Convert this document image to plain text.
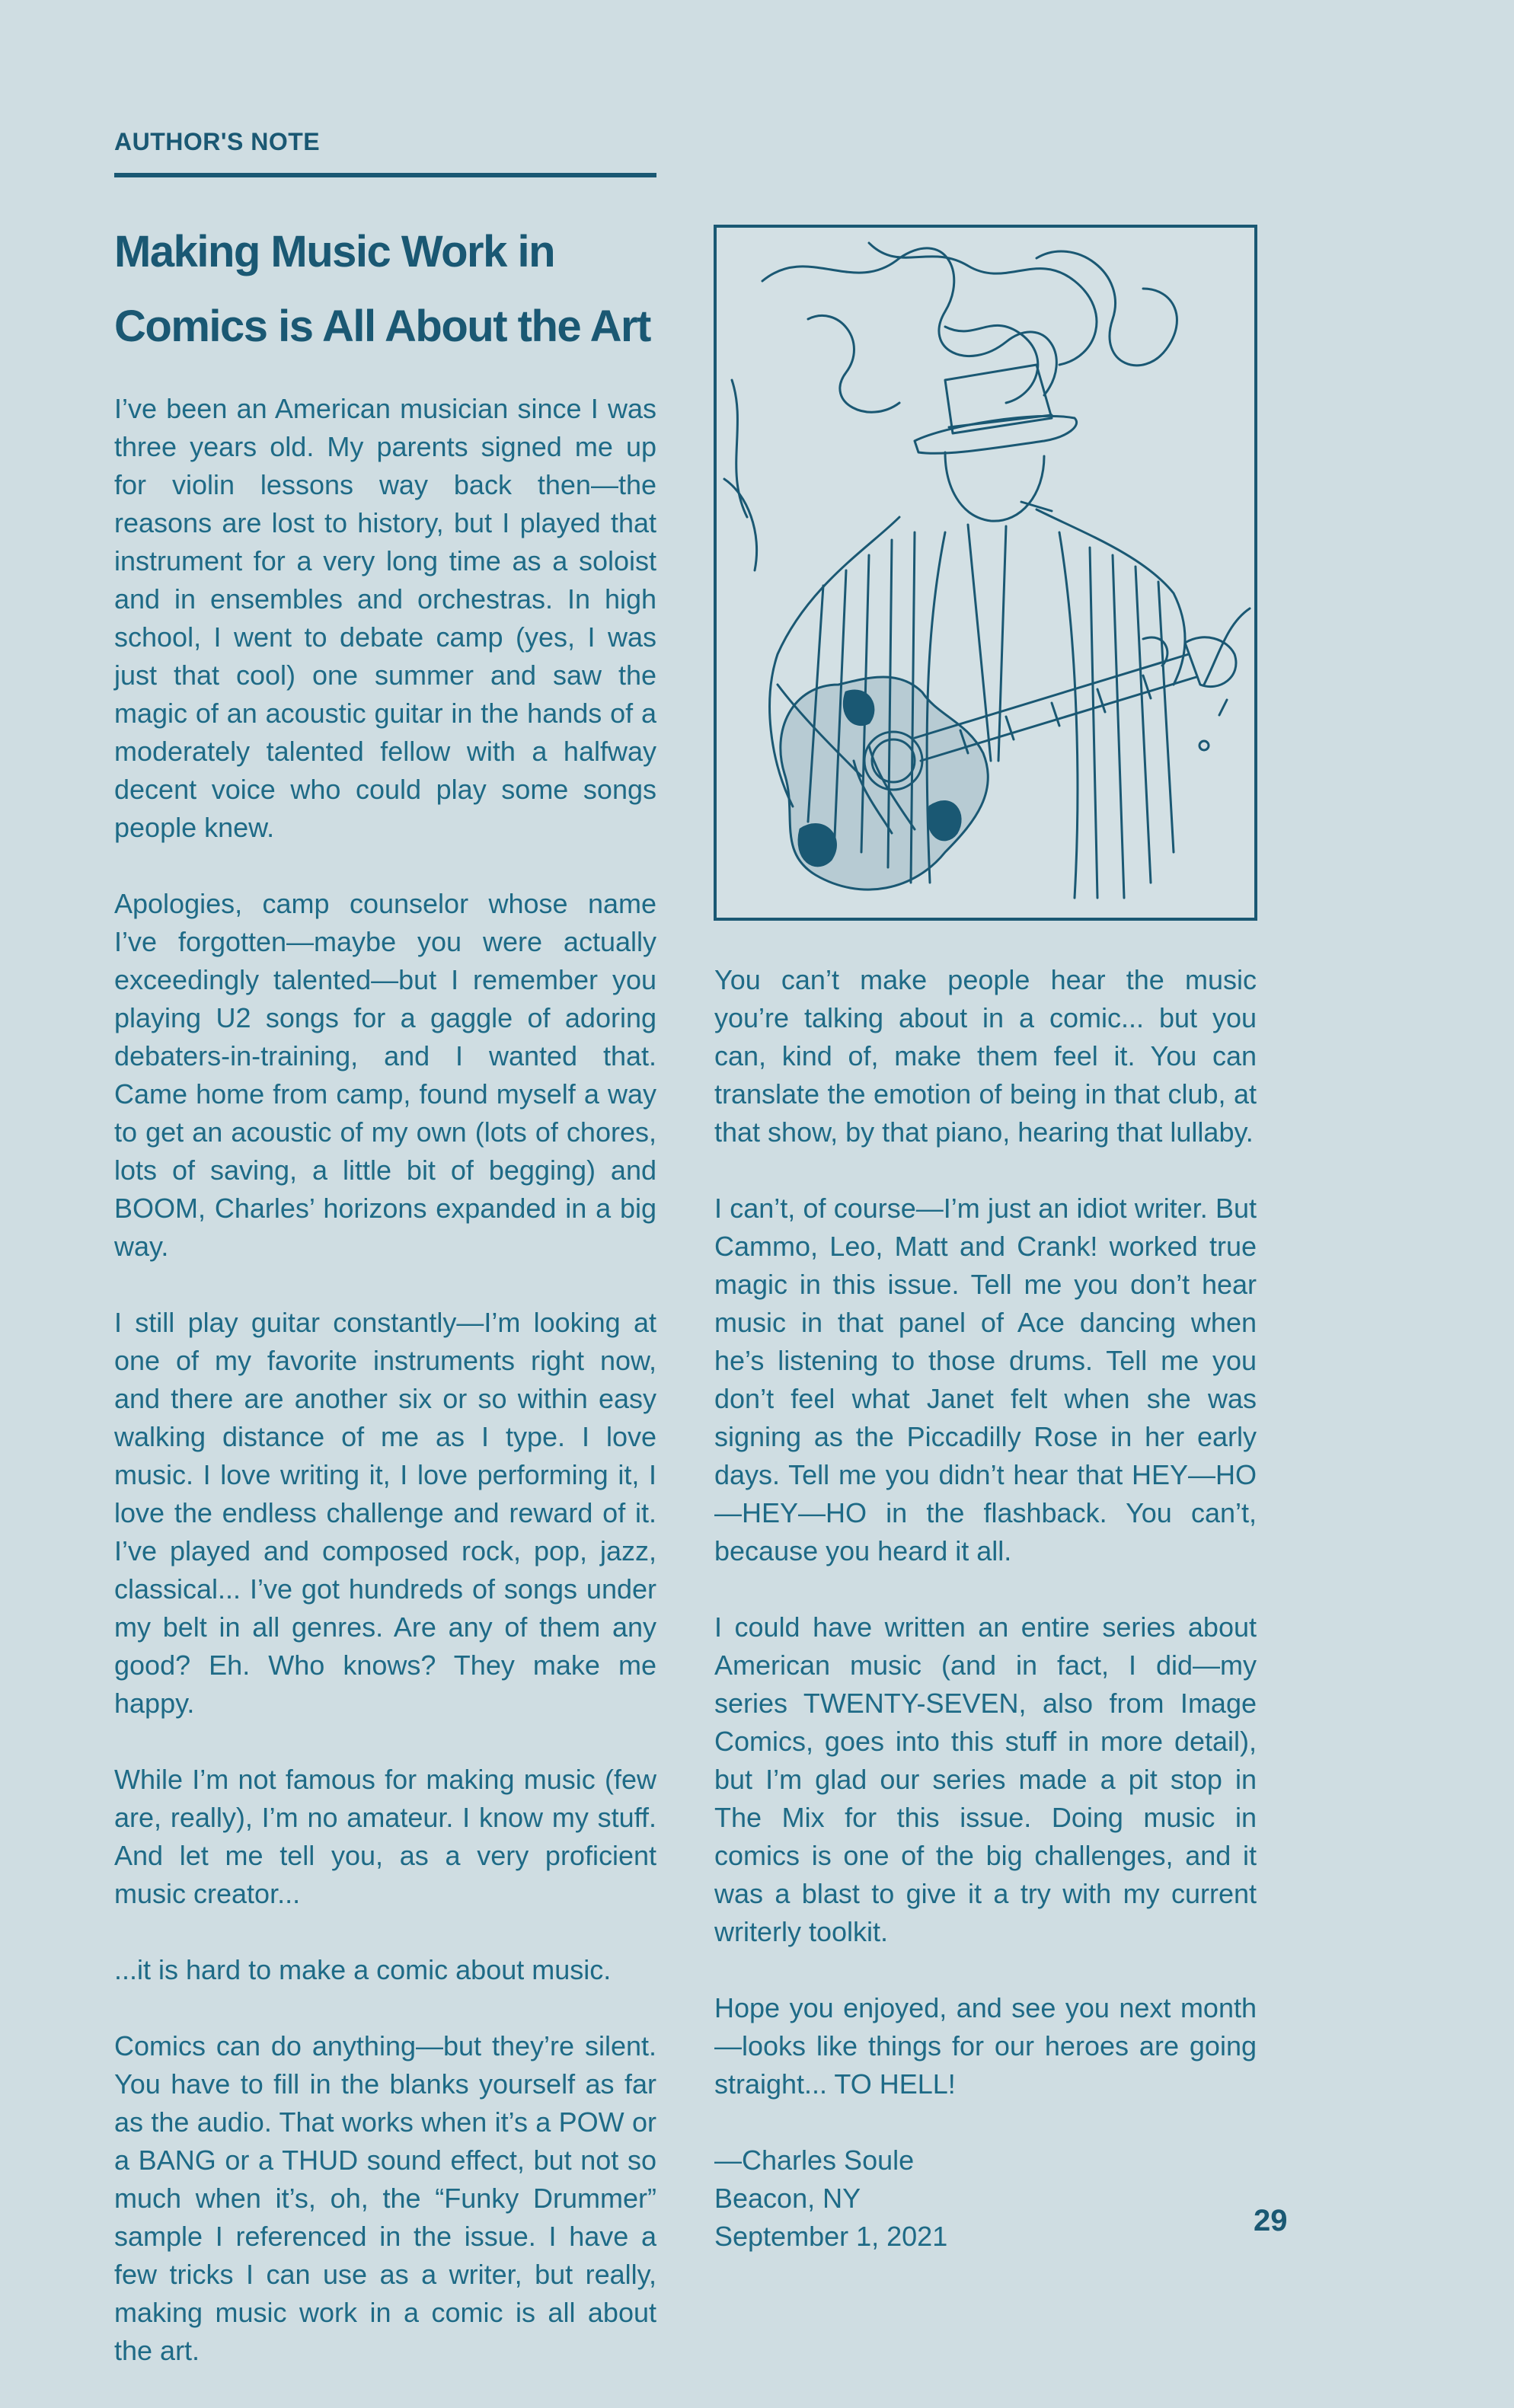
AUTHOR'S NOTE
Making Music Work in
Comics is All About the Art

I’ve been an American musician since I was three years old. My parents signed me up for violin lessons way back then—the reasons are lost to history, but I played that instrument for a very long time as a soloist and in ensembles and orchestras. In high school, I went to debate camp (yes, I was just that cool) one summer and saw the magic of an acoustic guitar in the hands of a moderately talented fellow with a halfway decent voice who could play some songs people knew.

Apologies, camp counselor whose name I’ve forgotten—maybe you were actually exceedingly talented—but I remember you playing U2 songs for a gaggle of adoring debaters-in-training, and I wanted that. Came home from camp, found myself a way to get an acoustic of my own (lots of chores, lots of saving, a little bit of begging) and BOOM, Charles’ horizons expanded in a big way.

I still play guitar constantly—I’m looking at one of my favorite instruments right now, and there are another six or so within easy walking distance of me as I type. I love music. I love writing it, I love performing it, I love the endless challenge and reward of it. I’ve played and composed rock, pop, jazz, classical... I’ve got hundreds of songs under my belt in all genres. Are any of them any good? Eh. Who knows? They make me happy.

While I’m not famous for making music (few are, really), I’m no amateur. I know my stuff. And let me tell you, as a very proficient music creator...

...it is hard to make a comic about music.

Comics can do anything—but they’re silent. You have to fill in the blanks yourself as far as the audio. That works when it’s a POW or a BANG or a THUD sound effect, but not so much when it’s, oh, the “Funky Drummer” sample I referenced in the issue. I have a few tricks I can use as a writer, but really, making music work in a comic is all about the art.

You can’t make people hear the music you’re talking about in a comic... but you can, kind of, make them feel it. You can translate the emotion of being in that club, at that show, by that piano, hearing that lullaby.

I can’t, of course—I’m just an idiot writer. But Cammo, Leo, Matt and Crank! worked true magic in this issue. Tell me you don’t hear music in that panel of Ace dancing when he’s listening to those drums. Tell me you don’t feel what Janet felt when she was signing as the Piccadilly Rose in her early days. Tell me you didn’t hear that HEY—HO—HEY—HO in the flashback. You can’t, because you heard it all.

I could have written an entire series about American music (and in fact, I did—my series TWENTY-SEVEN, also from Image Comics, goes into this stuff in more detail), but I’m glad our series made a pit stop in The Mix for this issue. Doing music in comics is one of the big challenges, and it was a blast to give it a try with my current writerly toolkit.

Hope you enjoyed, and see you next month—looks like things for our heroes are going straight... TO HELL!

—Charles Soule

Beacon, NY

September 1, 2021	29
